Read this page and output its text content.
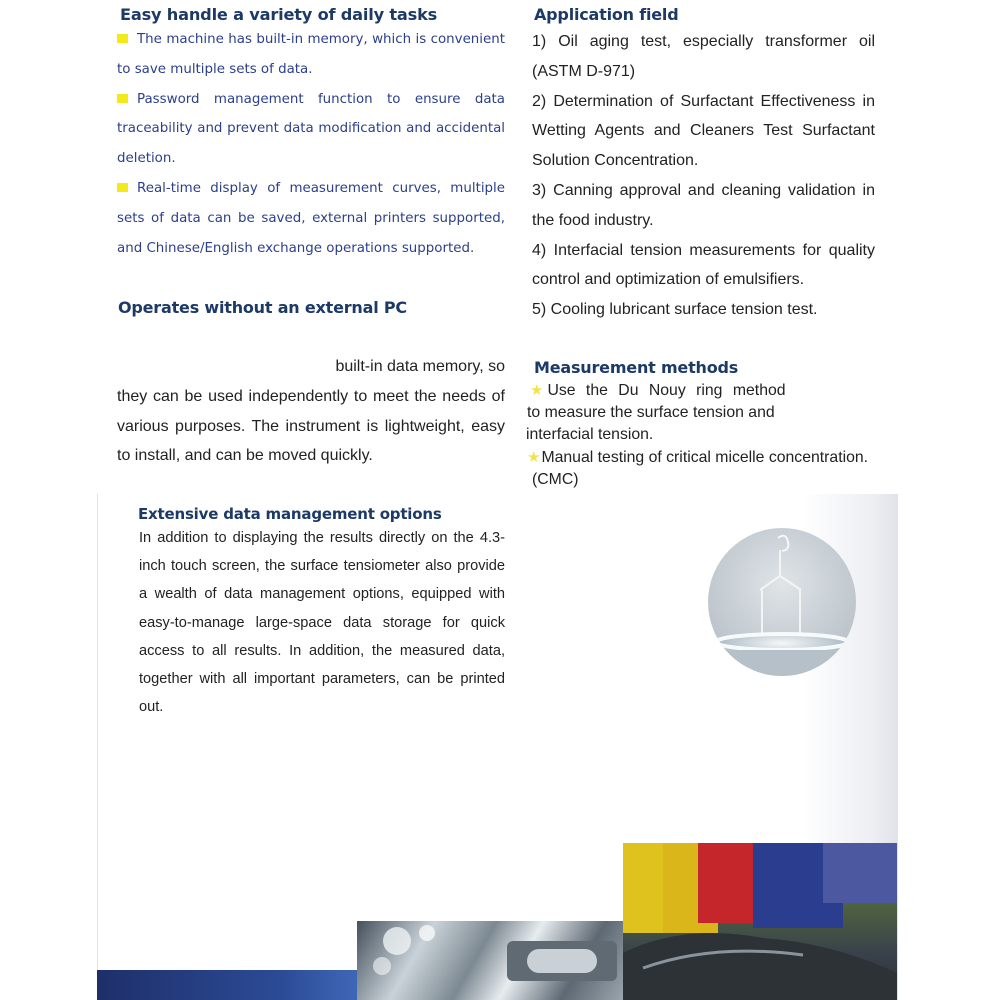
Easy handle a variety of daily tasks

The machine has built-in memory, which is convenient to save multiple sets of data.

Password management function to ensure data traceability and prevent data modification and accidental deletion.

Real-time display of measurement curves, multiple sets of data can be saved, external printers supported, and Chinese/English exchange operations supported.

Operates without an external PC

built-in data memory, so

they can be used independently to meet the needs of various purposes. The instrument is lightweight, easy to install, and can be moved quickly.

Application field

1) Oil aging test, especially transformer oil (ASTM D-971)

2) Determination of Surfactant Effectiveness in Wetting Agents and Cleaners Test Surfactant Solution Concentration.

3) Canning approval and cleaning validation in the food industry.

4) Interfacial tension measurements for quality control and optimization of emulsifiers.

5) Cooling lubricant surface tension test.

Measurement methods
★ Use the Du Nouy ring method
to measure the surface tension and
interfacial tension.
★Manual testing of critical micelle concentration.
(CMC)
Extensive data management options
In addition to displaying the results directly on the 4.3-inch touch screen, the surface tensiometer also provide a wealth of data management options, equipped with easy-to-manage large-space data storage for quick access to all results. In addition, the measured data, together with all important parameters, can be printed out.
